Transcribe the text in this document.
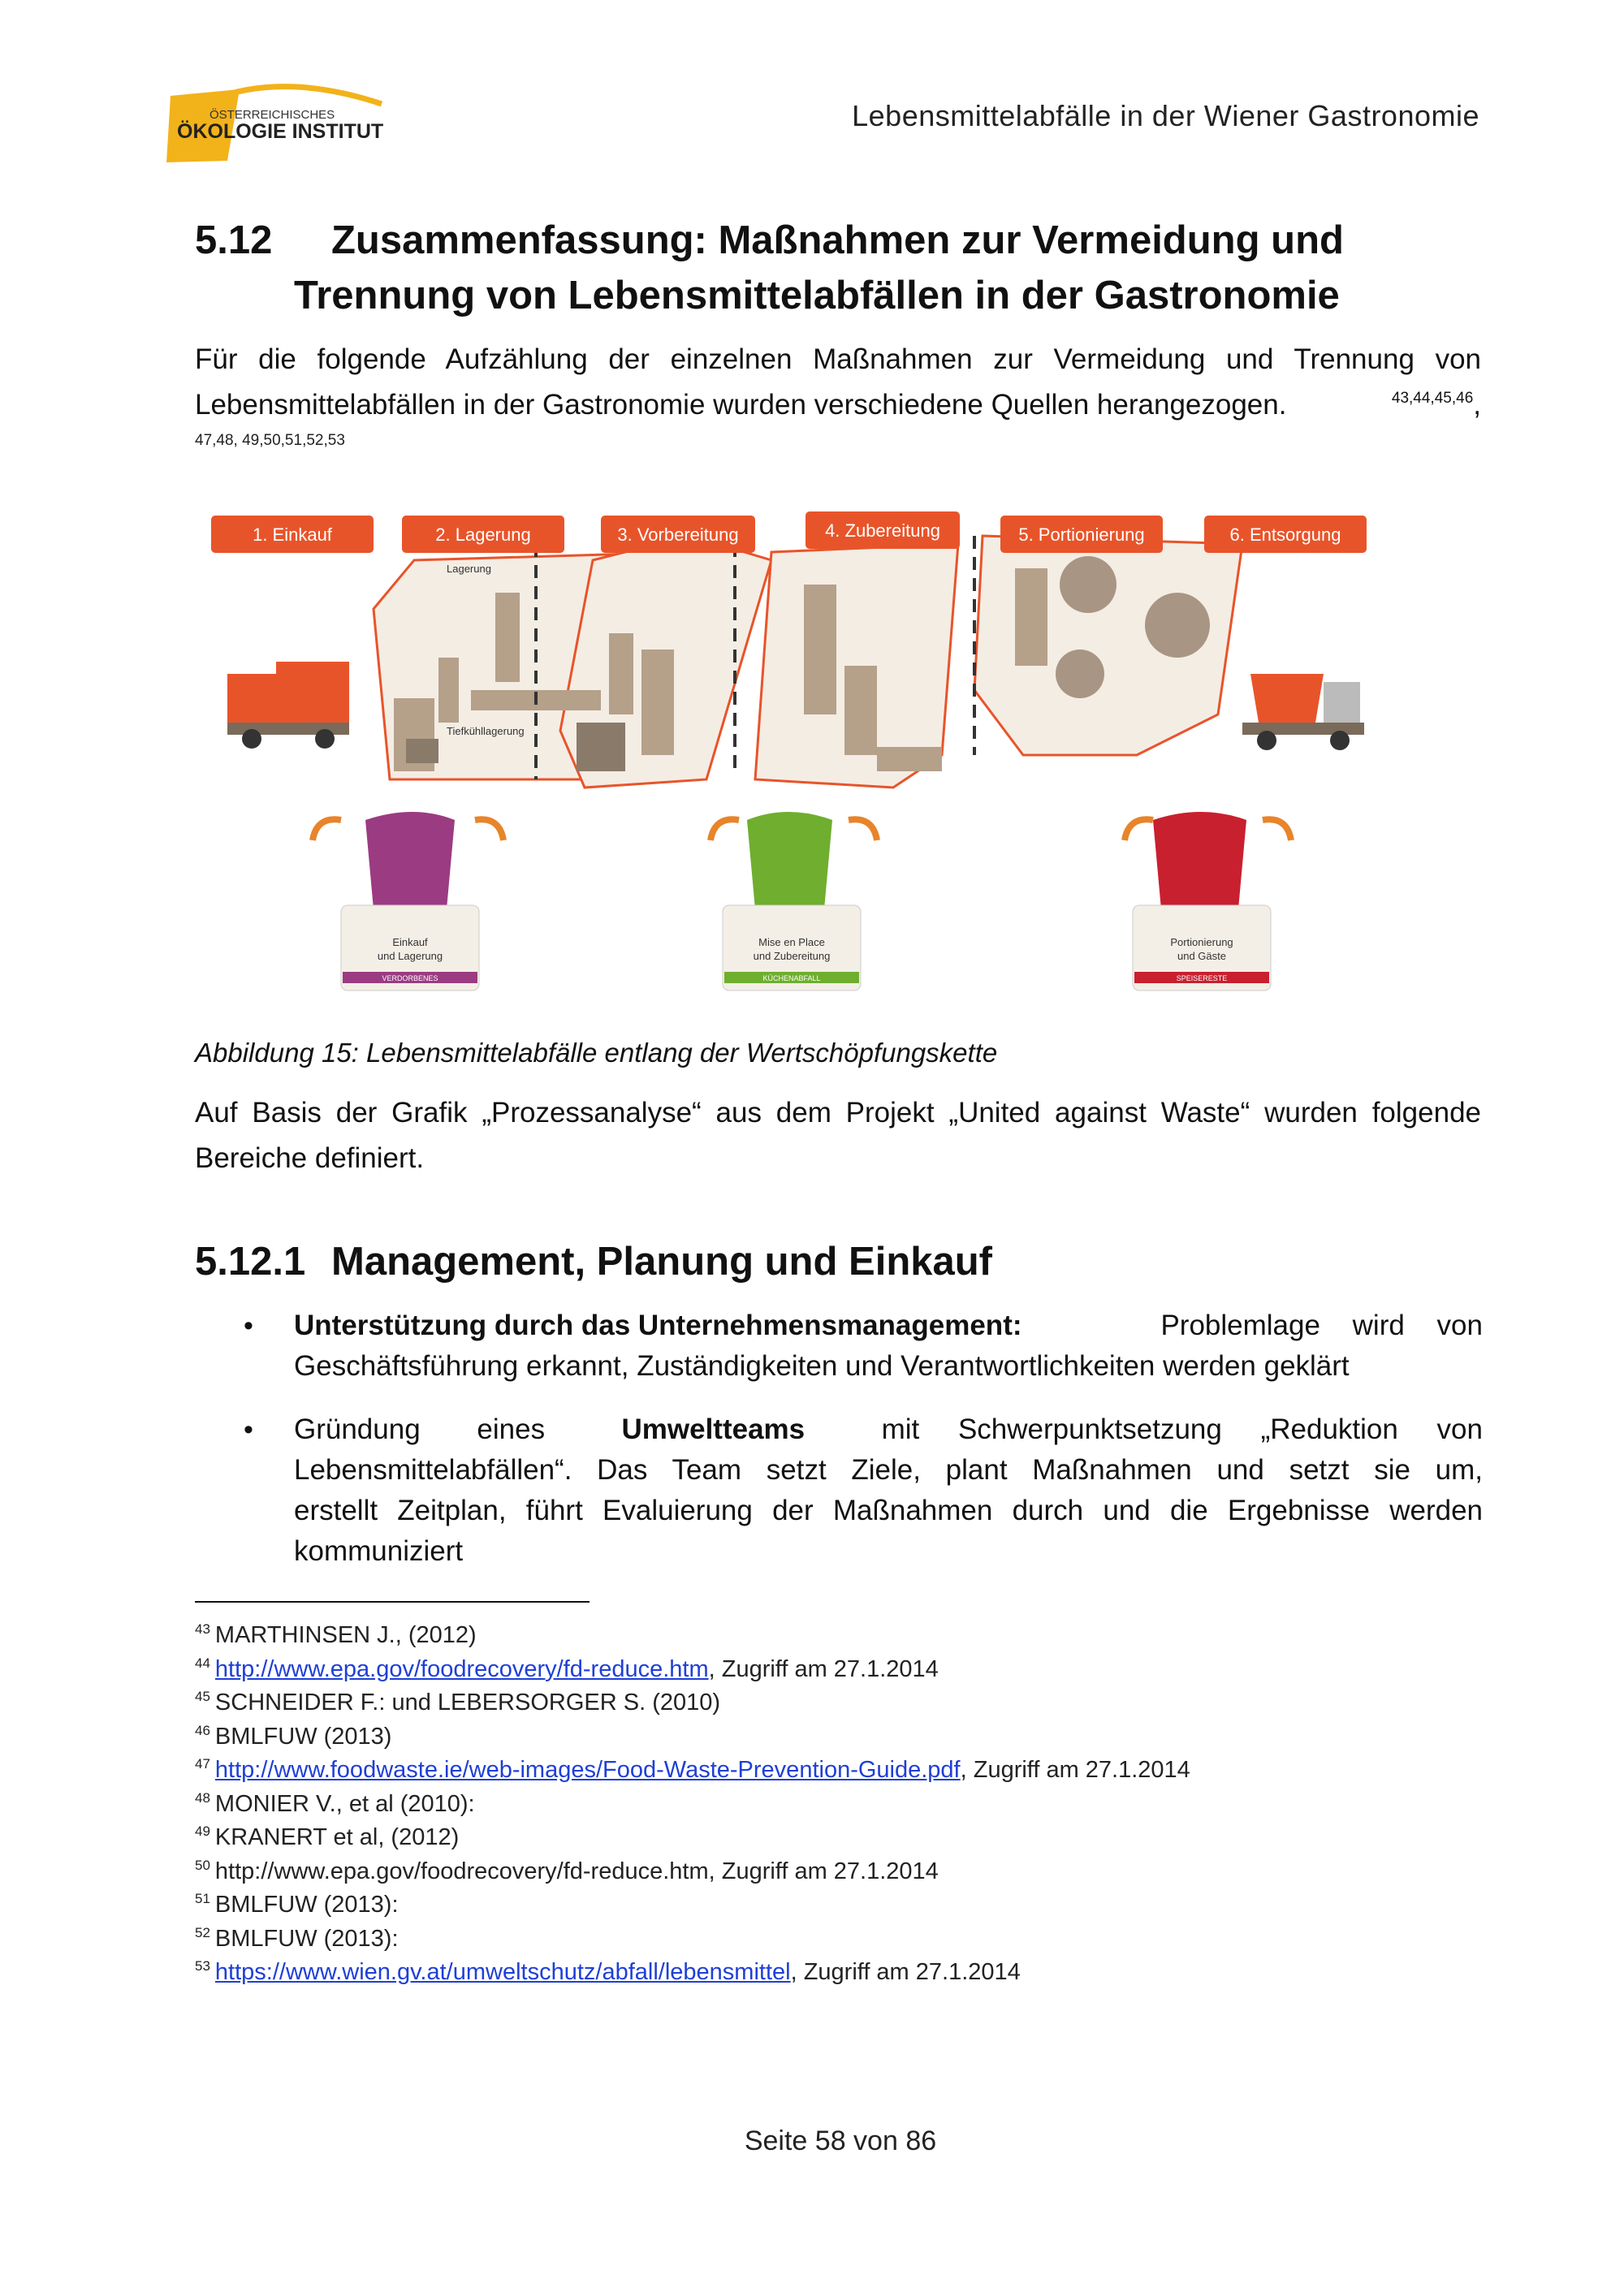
ÖSTERREICHISCHES
ÖKOLOGIE INSTITUT	Lebensmittelabfälle in der Wiener Gastronomie
5.12 Zusammenfassung: Maßnahmen zur Vermeidung und
Trennung von Lebensmittelabfällen in der Gastronomie
Für die folgende Aufzählung der einzelnen Maßnahmen zur Vermeidung und Trennung von
Lebensmittelabfällen in der Gastronomie wurden verschiedene Quellen herangezogen.	$^{43,44,45,46}$,
47,48, 49,50,51,52,53
Lagerung
Tiefkühllagerung
1. Einkauf	2. Lagerung	3. Vorbereitung	4. Zubereitung	5. Portionierung	6. Entsorgung
Einkauf
und Lagerung
VERDORBENES
Mise en Place
und Zubereitung
KÜCHENABFALL
Portionierung
und Gäste
SPEISERESTE
Abbildung 15: Lebensmittelabfälle entlang der Wertschöpfungskette
Auf Basis der Grafik „Prozessanalyse“ aus dem Projekt „United against Waste“ wurden folgende
Bereiche definiert.
5.12.1 Management, Planung und Einkauf
• Unterstützung durch das Unternehmensmanagement:	Problemlage wird von
Geschäftsführung erkannt, Zuständigkeiten und Verantwortlichkeiten werden geklärt
• Gründung eines	Umweltteams	mit Schwerpunktsetzung „Reduktion von
Lebensmittelabfällen“. Das Team setzt Ziele, plant Maßnahmen und setzt sie um,
erstellt Zeitplan, führt Evaluierung der Maßnahmen durch und die Ergebnisse werden
kommuniziert
$^{43}$ MARTHINSEN J., (2012)
$^{44}$ http://www.epa.gov/foodrecovery/fd-reduce.htm, Zugriff am 27.1.2014
$^{45}$ SCHNEIDER F.: und LEBERSORGER S. (2010)
$^{46}$ BMLFUW (2013)
$^{47}$ http://www.foodwaste.ie/web-images/Food-Waste-Prevention-Guide.pdf, Zugriff am 27.1.2014
$^{48}$ MONIER V., et al (2010):
$^{49}$ KRANERT et al, (2012)
$^{50}$ http://www.epa.gov/foodrecovery/fd-reduce.htm, Zugriff am 27.1.2014
$^{51}$ BMLFUW (2013):
$^{52}$ BMLFUW (2013):
$^{53}$ https://www.wien.gv.at/umweltschutz/abfall/lebensmittel, Zugriff am 27.1.2014
Seite 58 von 86
